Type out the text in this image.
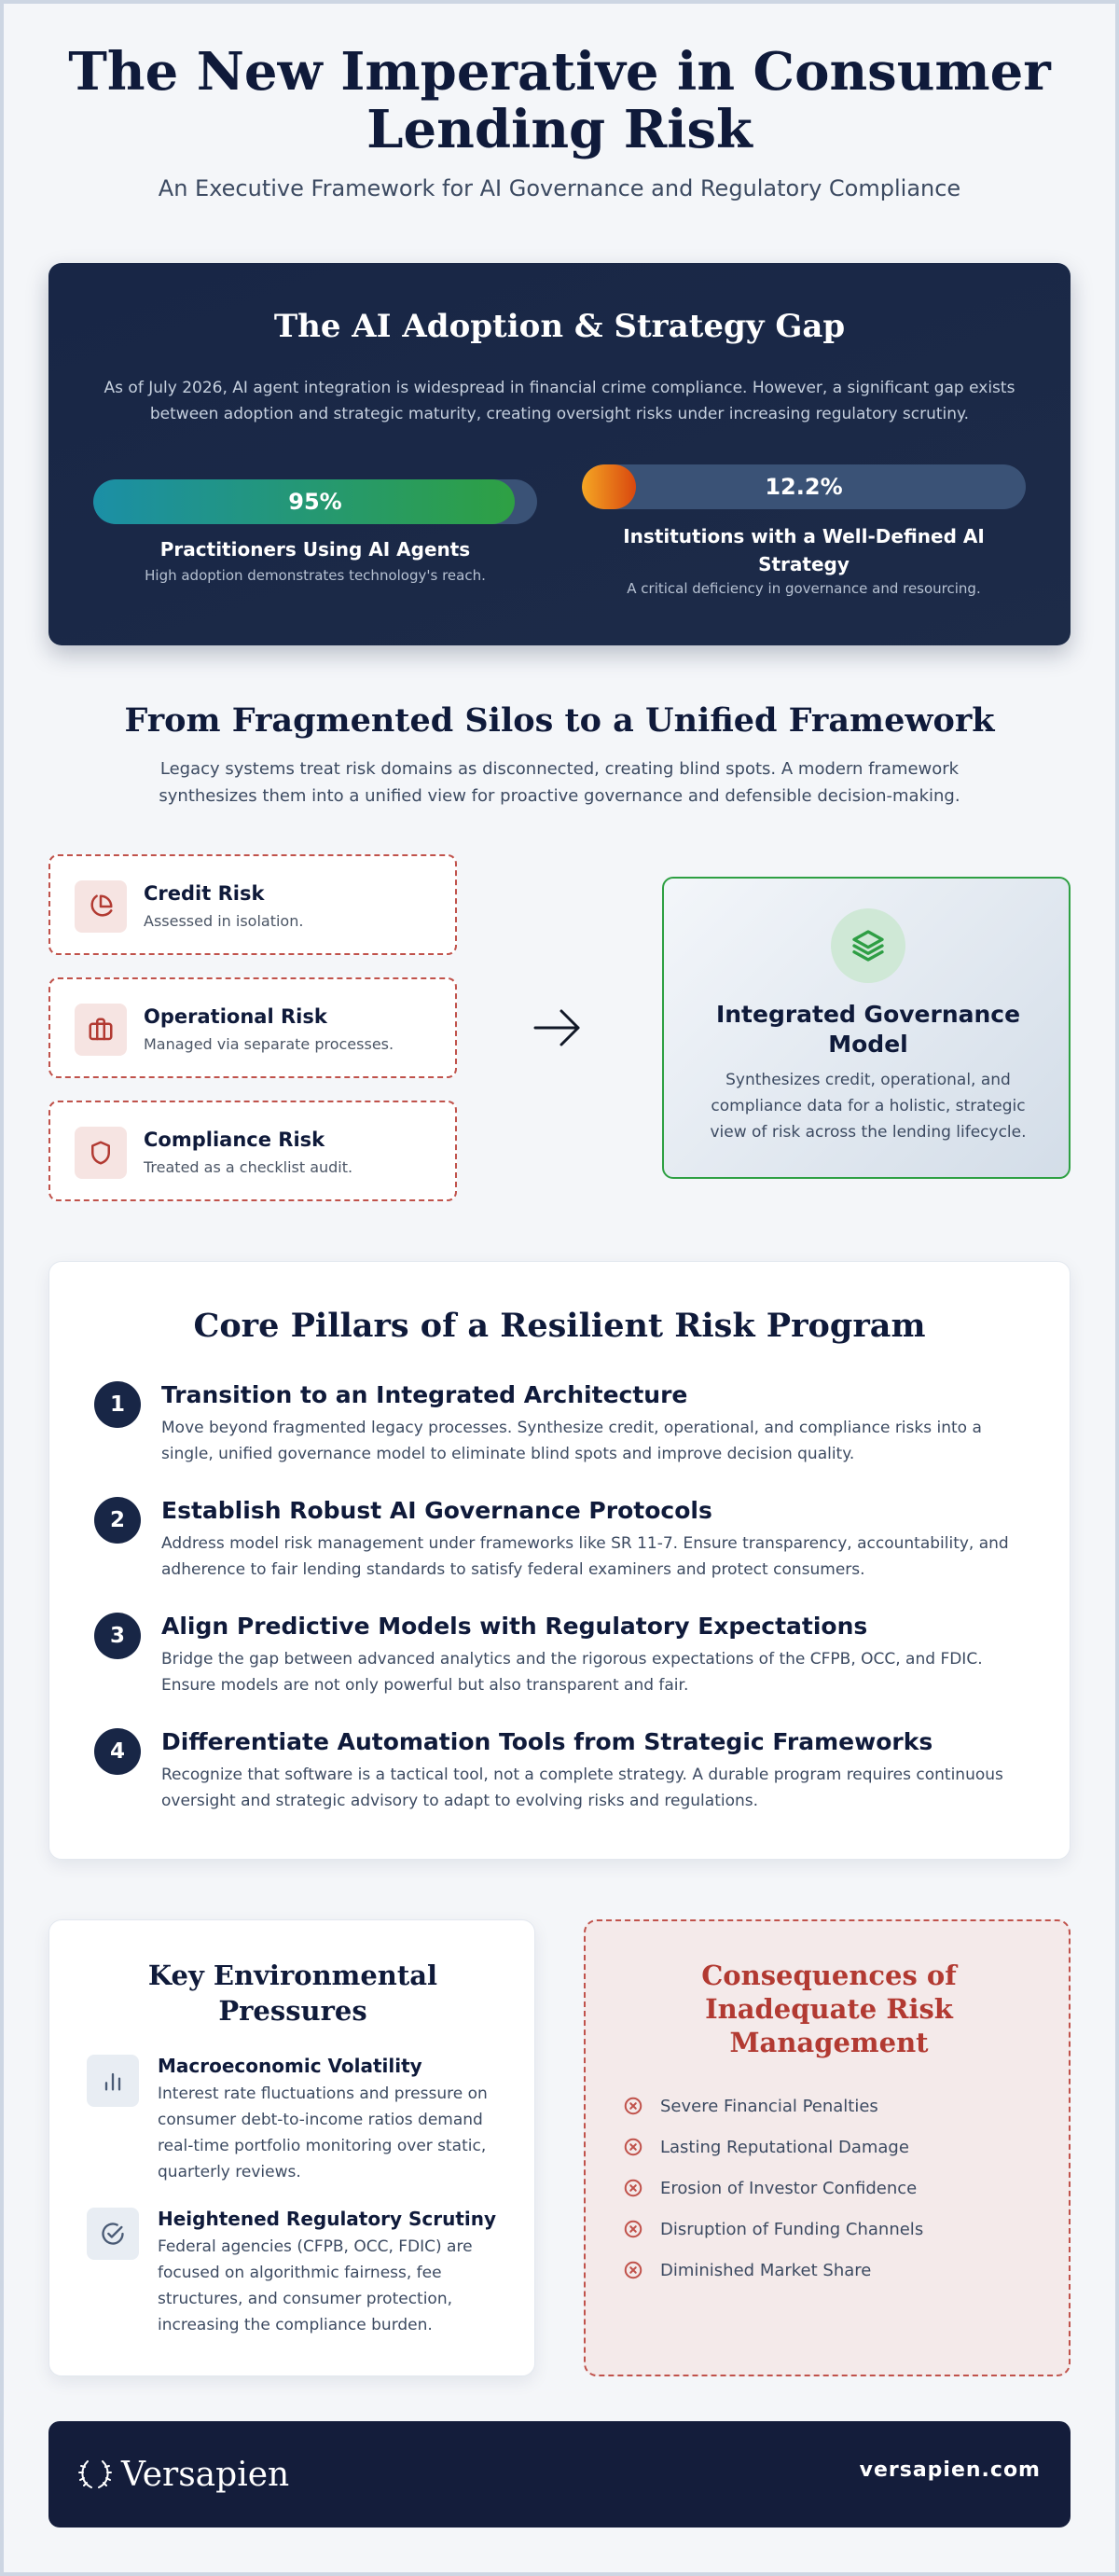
The New Imperative in Consumer
Lending Risk
An Executive Framework for AI Governance and Regulatory Compliance
The AI Adoption & Strategy Gap

As of July 2026, AI agent integration is widespread in financial crime compliance. However, a significant gap exists between adoption and strategic maturity, creating oversight risks under increasing regulatory scrutiny.

95%
Practitioners Using AI Agents
High adoption demonstrates technology's reach.
12.2%
Institutions with a Well-Defined AI Strategy
A critical deficiency in governance and resourcing.
From Fragmented Silos to a Unified Framework

Legacy systems treat risk domains as disconnected, creating blind spots. A modern framework synthesizes them into a unified view for proactive governance and defensible decision-making.

Credit Risk
Assessed in isolation.
Operational Risk
Managed via separate processes.
Compliance Risk
Treated as a checklist audit.
Integrated Governance Model
Synthesizes credit, operational, and compliance data for a holistic, strategic view of risk across the lending lifecycle.
Core Pillars of a Resilient Risk Program
1	Transition to an Integrated Architecture
Move beyond fragmented legacy processes. Synthesize credit, operational, and compliance risks into a single, unified governance model to eliminate blind spots and improve decision quality.
2	Establish Robust AI Governance Protocols
Address model risk management under frameworks like SR 11-7. Ensure transparency, accountability, and adherence to fair lending standards to satisfy federal examiners and protect consumers.
3	Align Predictive Models with Regulatory Expectations
Bridge the gap between advanced analytics and the rigorous expectations of the CFPB, OCC, and FDIC. Ensure models are not only powerful but also transparent and fair.
4	Differentiate Automation Tools from Strategic Frameworks
Recognize that software is a tactical tool, not a complete strategy. A durable program requires continuous oversight and strategic advisory to adapt to evolving risks and regulations.
Key Environmental
Pressures
Macroeconomic Volatility
Interest rate fluctuations and pressure on consumer debt-to-income ratios demand real-time portfolio monitoring over static, quarterly reviews.
Heightened Regulatory Scrutiny
Federal agencies (CFPB, OCC, FDIC) are focused on algorithmic fairness, fee structures, and consumer protection, increasing the compliance burden.
Consequences of
Inadequate Risk
Management
Severe Financial Penalties
Lasting Reputational Damage
Erosion of Investor Confidence
Disruption of Funding Channels
Diminished Market Share
Versapien	versapien.com
